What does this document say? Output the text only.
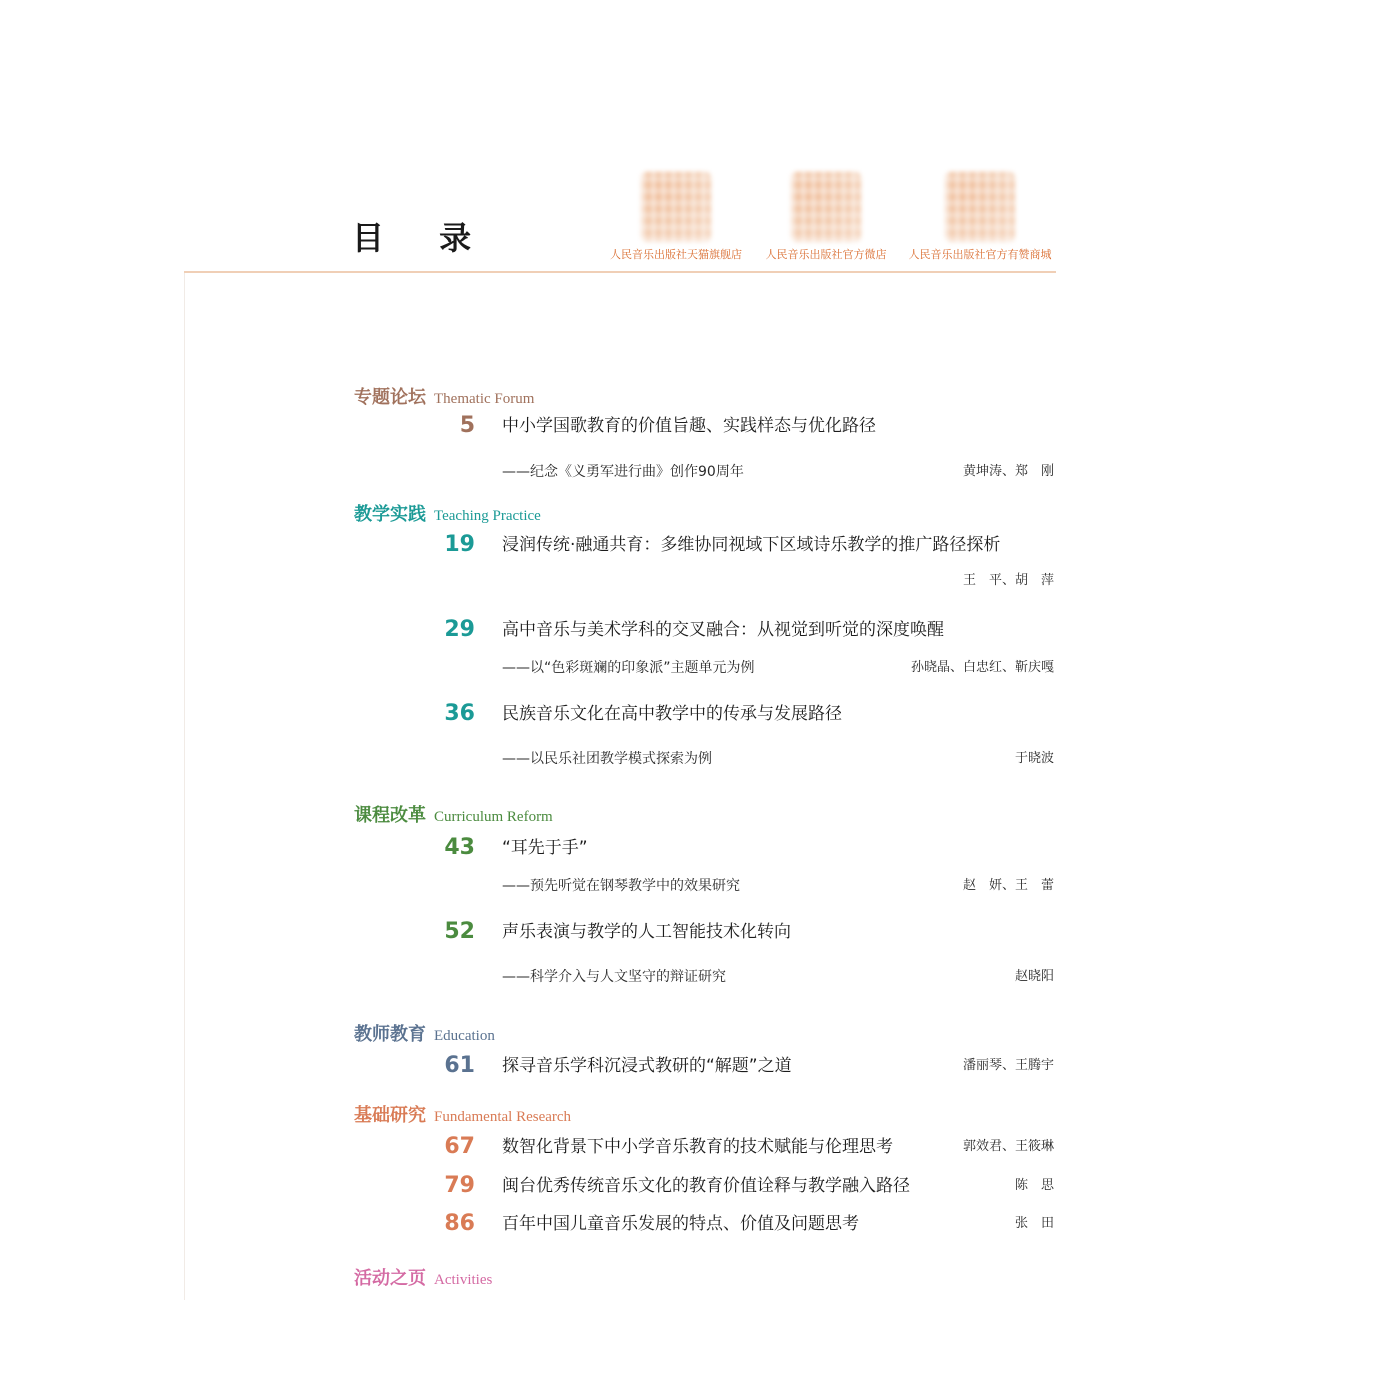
目 录	人民音乐出版社天猫旗舰店	人民音乐出版社官方微店	人民音乐出版社官方有赞商城
专题论坛 Thematic Forum
5 中小学国歌教育的价值旨趣、实践样态与优化路径
——纪念《义勇军进行曲》创作90周年	黄坤涛、郑　刚
教学实践 Teaching Practice
19 浸润传统·融通共育：多维协同视域下区域诗乐教学的推广路径探析
王　平、胡　萍
29 高中音乐与美术学科的交叉融合：从视觉到听觉的深度唤醒
——以“色彩斑斓的印象派”主题单元为例	孙晓晶、白忠红、靳庆嘎
36 民族音乐文化在高中教学中的传承与发展路径
——以民乐社团教学模式探索为例	于晓波
课程改革 Curriculum Reform
43 “耳先于手”
——预先听觉在钢琴教学中的效果研究	赵　妍、王　蕾
52 声乐表演与教学的人工智能技术化转向
——科学介入与人文坚守的辩证研究	赵晓阳
教师教育 Education
61 探寻音乐学科沉浸式教研的“解题”之道	潘丽琴、王腾宇
基础研究 Fundamental Research
67 数智化背景下中小学音乐教育的技术赋能与伦理思考	郭效君、王筱琳
79 闽台优秀传统音乐文化的教育价值诠释与教学融入路径	陈　思
86 百年中国儿童音乐发展的特点、价值及问题思考	张　田
活动之页 Activities
